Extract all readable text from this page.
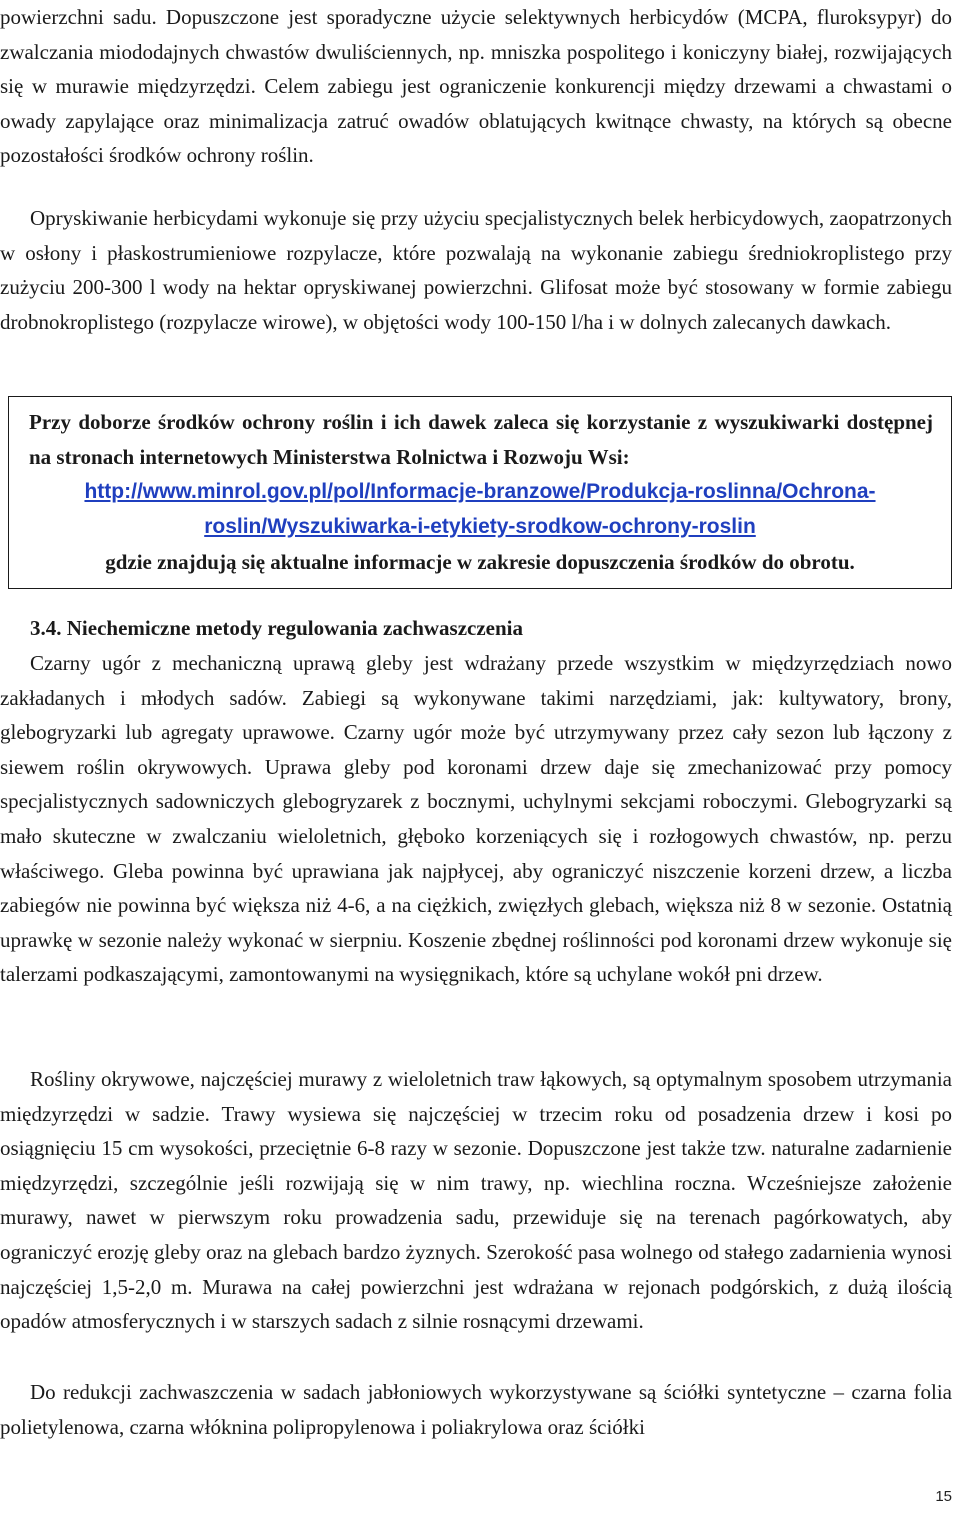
powierzchni sadu. Dopuszczone jest sporadyczne użycie selektywnych herbicydów (MCPA, fluroksypyr) do zwalczania miododajnych chwastów dwuliściennych, np. mniszka pospolitego i koniczyny białej, rozwijających się w murawie międzyrzędzi. Celem zabiegu jest ograniczenie konkurencji między drzewami a chwastami o owady zapylające oraz minimalizacja zatruć owadów oblatujących kwitnące chwasty, na których są obecne pozostałości środków ochrony roślin.

Opryskiwanie herbicydami wykonuje się przy użyciu specjalistycznych belek herbicydowych, zaopatrzonych w osłony i płaskostrumieniowe rozpylacze, które pozwalają na wykonanie zabiegu średniokroplistego przy zużyciu 200-300 l wody na hektar opryskiwanej powierzchni. Glifosat może być stosowany w formie zabiegu drobnokroplistego (rozpylacze wirowe), w objętości wody 100-150 l/ha i w dolnych zalecanych dawkach.

Przy doborze środków ochrony roślin i ich dawek zaleca się korzystanie z wyszukiwarki dostępnej na stronach internetowych Ministerstwa Rolnictwa i Rozwoju Wsi:

http://www.minrol.gov.pl/pol/Informacje-branzowe/Produkcja-roslinna/Ochrona-roslin/Wyszukiwarka-i-etykiety-srodkow-ochrony-roslin
gdzie znajdują się aktualne informacje w zakresie dopuszczenia środków do obrotu.
3.4. Niechemiczne metody regulowania zachwaszczenia

Czarny ugór z mechaniczną uprawą gleby jest wdrażany przede wszystkim w międzyrzędziach nowo zakładanych i młodych sadów. Zabiegi są wykonywane takimi narzędziami, jak: kultywatory, brony, glebogryzarki lub agregaty uprawowe. Czarny ugór może być utrzymywany przez cały sezon lub łączony z siewem roślin okrywowych. Uprawa gleby pod koronami drzew daje się zmechanizować przy pomocy specjalistycznych sadowniczych glebogryzarek z bocznymi, uchylnymi sekcjami roboczymi. Glebogryzarki są mało skuteczne w zwalczaniu wieloletnich, głęboko korzeniących się i rozłogowych chwastów, np. perzu właściwego. Gleba powinna być uprawiana jak najpłycej, aby ograniczyć niszczenie korzeni drzew, a liczba zabiegów nie powinna być większa niż 4-6, a na ciężkich, zwięzłych glebach, większa niż 8 w sezonie. Ostatnią uprawkę w sezonie należy wykonać w sierpniu. Koszenie zbędnej roślinności pod koronami drzew wykonuje się talerzami podkaszającymi, zamontowanymi na wysięgnikach, które są uchylane wokół pni drzew.

Rośliny okrywowe, najczęściej murawy z wieloletnich traw łąkowych, są optymalnym sposobem utrzymania międzyrzędzi w sadzie. Trawy wysiewa się najczęściej w trzecim roku od posadzenia drzew i kosi po osiągnięciu 15 cm wysokości, przeciętnie 6-8 razy w sezonie. Dopuszczone jest także tzw. naturalne zadarnienie międzyrzędzi, szczególnie jeśli rozwijają się w nim trawy, np. wiechlina roczna. Wcześniejsze założenie murawy, nawet w pierwszym roku prowadzenia sadu, przewiduje się na terenach pagórkowatych, aby ograniczyć erozję gleby oraz na glebach bardzo żyznych. Szerokość pasa wolnego od stałego zadarnienia wynosi najczęściej 1,5-2,0 m. Murawa na całej powierzchni jest wdrażana w rejonach podgórskich, z dużą ilością opadów atmosferycznych i w starszych sadach z silnie rosnącymi drzewami.

Do redukcji zachwaszczenia w sadach jabłoniowych wykorzystywane są ściółki syntetyczne – czarna folia polietylenowa, czarna włóknina polipropylenowa i poliakrylowa oraz ściółki

15
